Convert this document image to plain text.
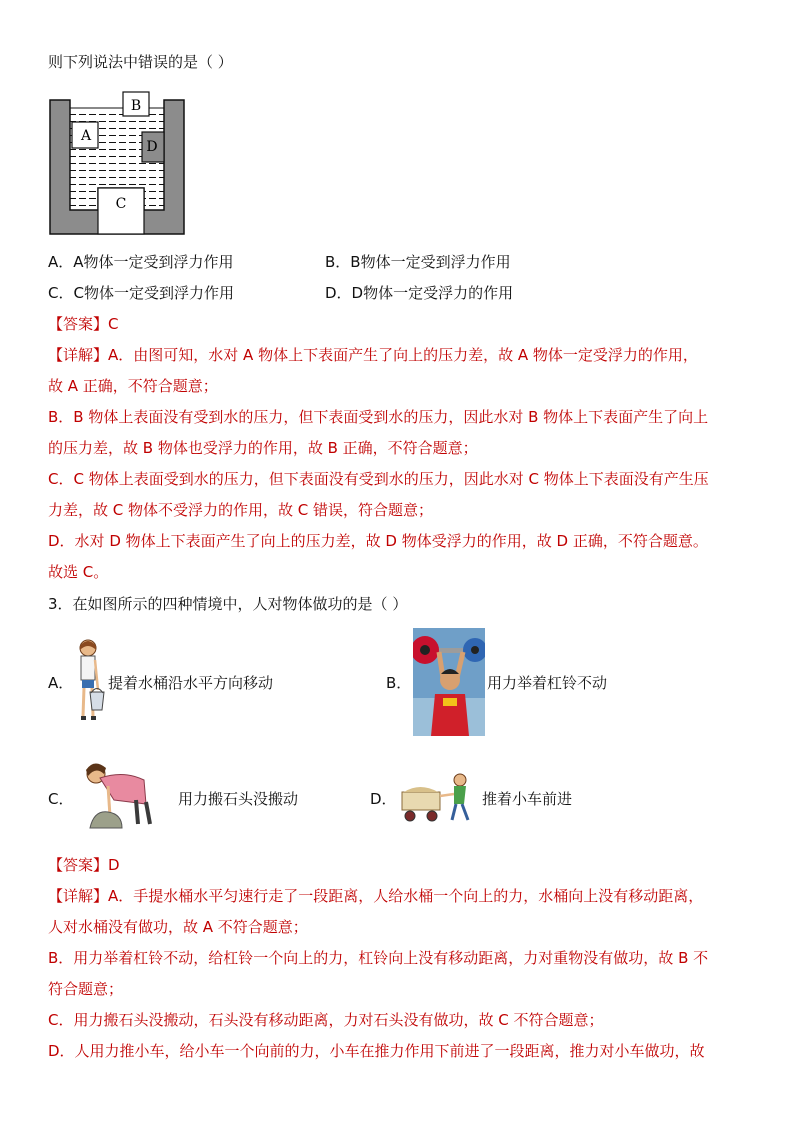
则下列说法中错误的是（ ）
A
B
C
D
A．A物体一定受到浮力作用	B．B物体一定受到浮力作用
C．C物体一定受到浮力作用	D．D物体一定受浮力的作用
【答案】C
【详解】A．由图可知，水对 A 物体上下表面产生了向上的压力差，故 A 物体一定受浮力的作用，
故 A 正确，不符合题意；
B．B 物体上表面没有受到水的压力，但下表面受到水的压力，因此水对 B 物体上下表面产生了向上
的压力差，故 B 物体也受浮力的作用，故 B 正确，不符合题意；
C．C 物体上表面受到水的压力，但下表面没有受到水的压力，因此水对 C 物体上下表面没有产生压
力差，故 C 物体不受浮力的作用，故 C 错误，符合题意；
D．水对 D 物体上下表面产生了向上的压力差，故 D 物体受浮力的作用，故 D 正确，不符合题意。
故选 C。
3．在如图所示的四种情境中，人对物体做功的是（ ）
A． 提着水桶沿水平方向移动	B．	用力举着杠铃不动
C．	用力搬石头没搬动	D．	推着小车前进
【答案】D
【详解】A．手提水桶水平匀速行走了一段距离，人给水桶一个向上的力，水桶向上没有移动距离，
人对水桶没有做功，故 A 不符合题意；
B．用力举着杠铃不动，给杠铃一个向上的力，杠铃向上没有移动距离，力对重物没有做功，故 B 不
符合题意；
C．用力搬石头没搬动，石头没有移动距离，力对石头没有做功，故 C 不符合题意；
D．人用力推小车，给小车一个向前的力，小车在推力作用下前进了一段距离，推力对小车做功，故
